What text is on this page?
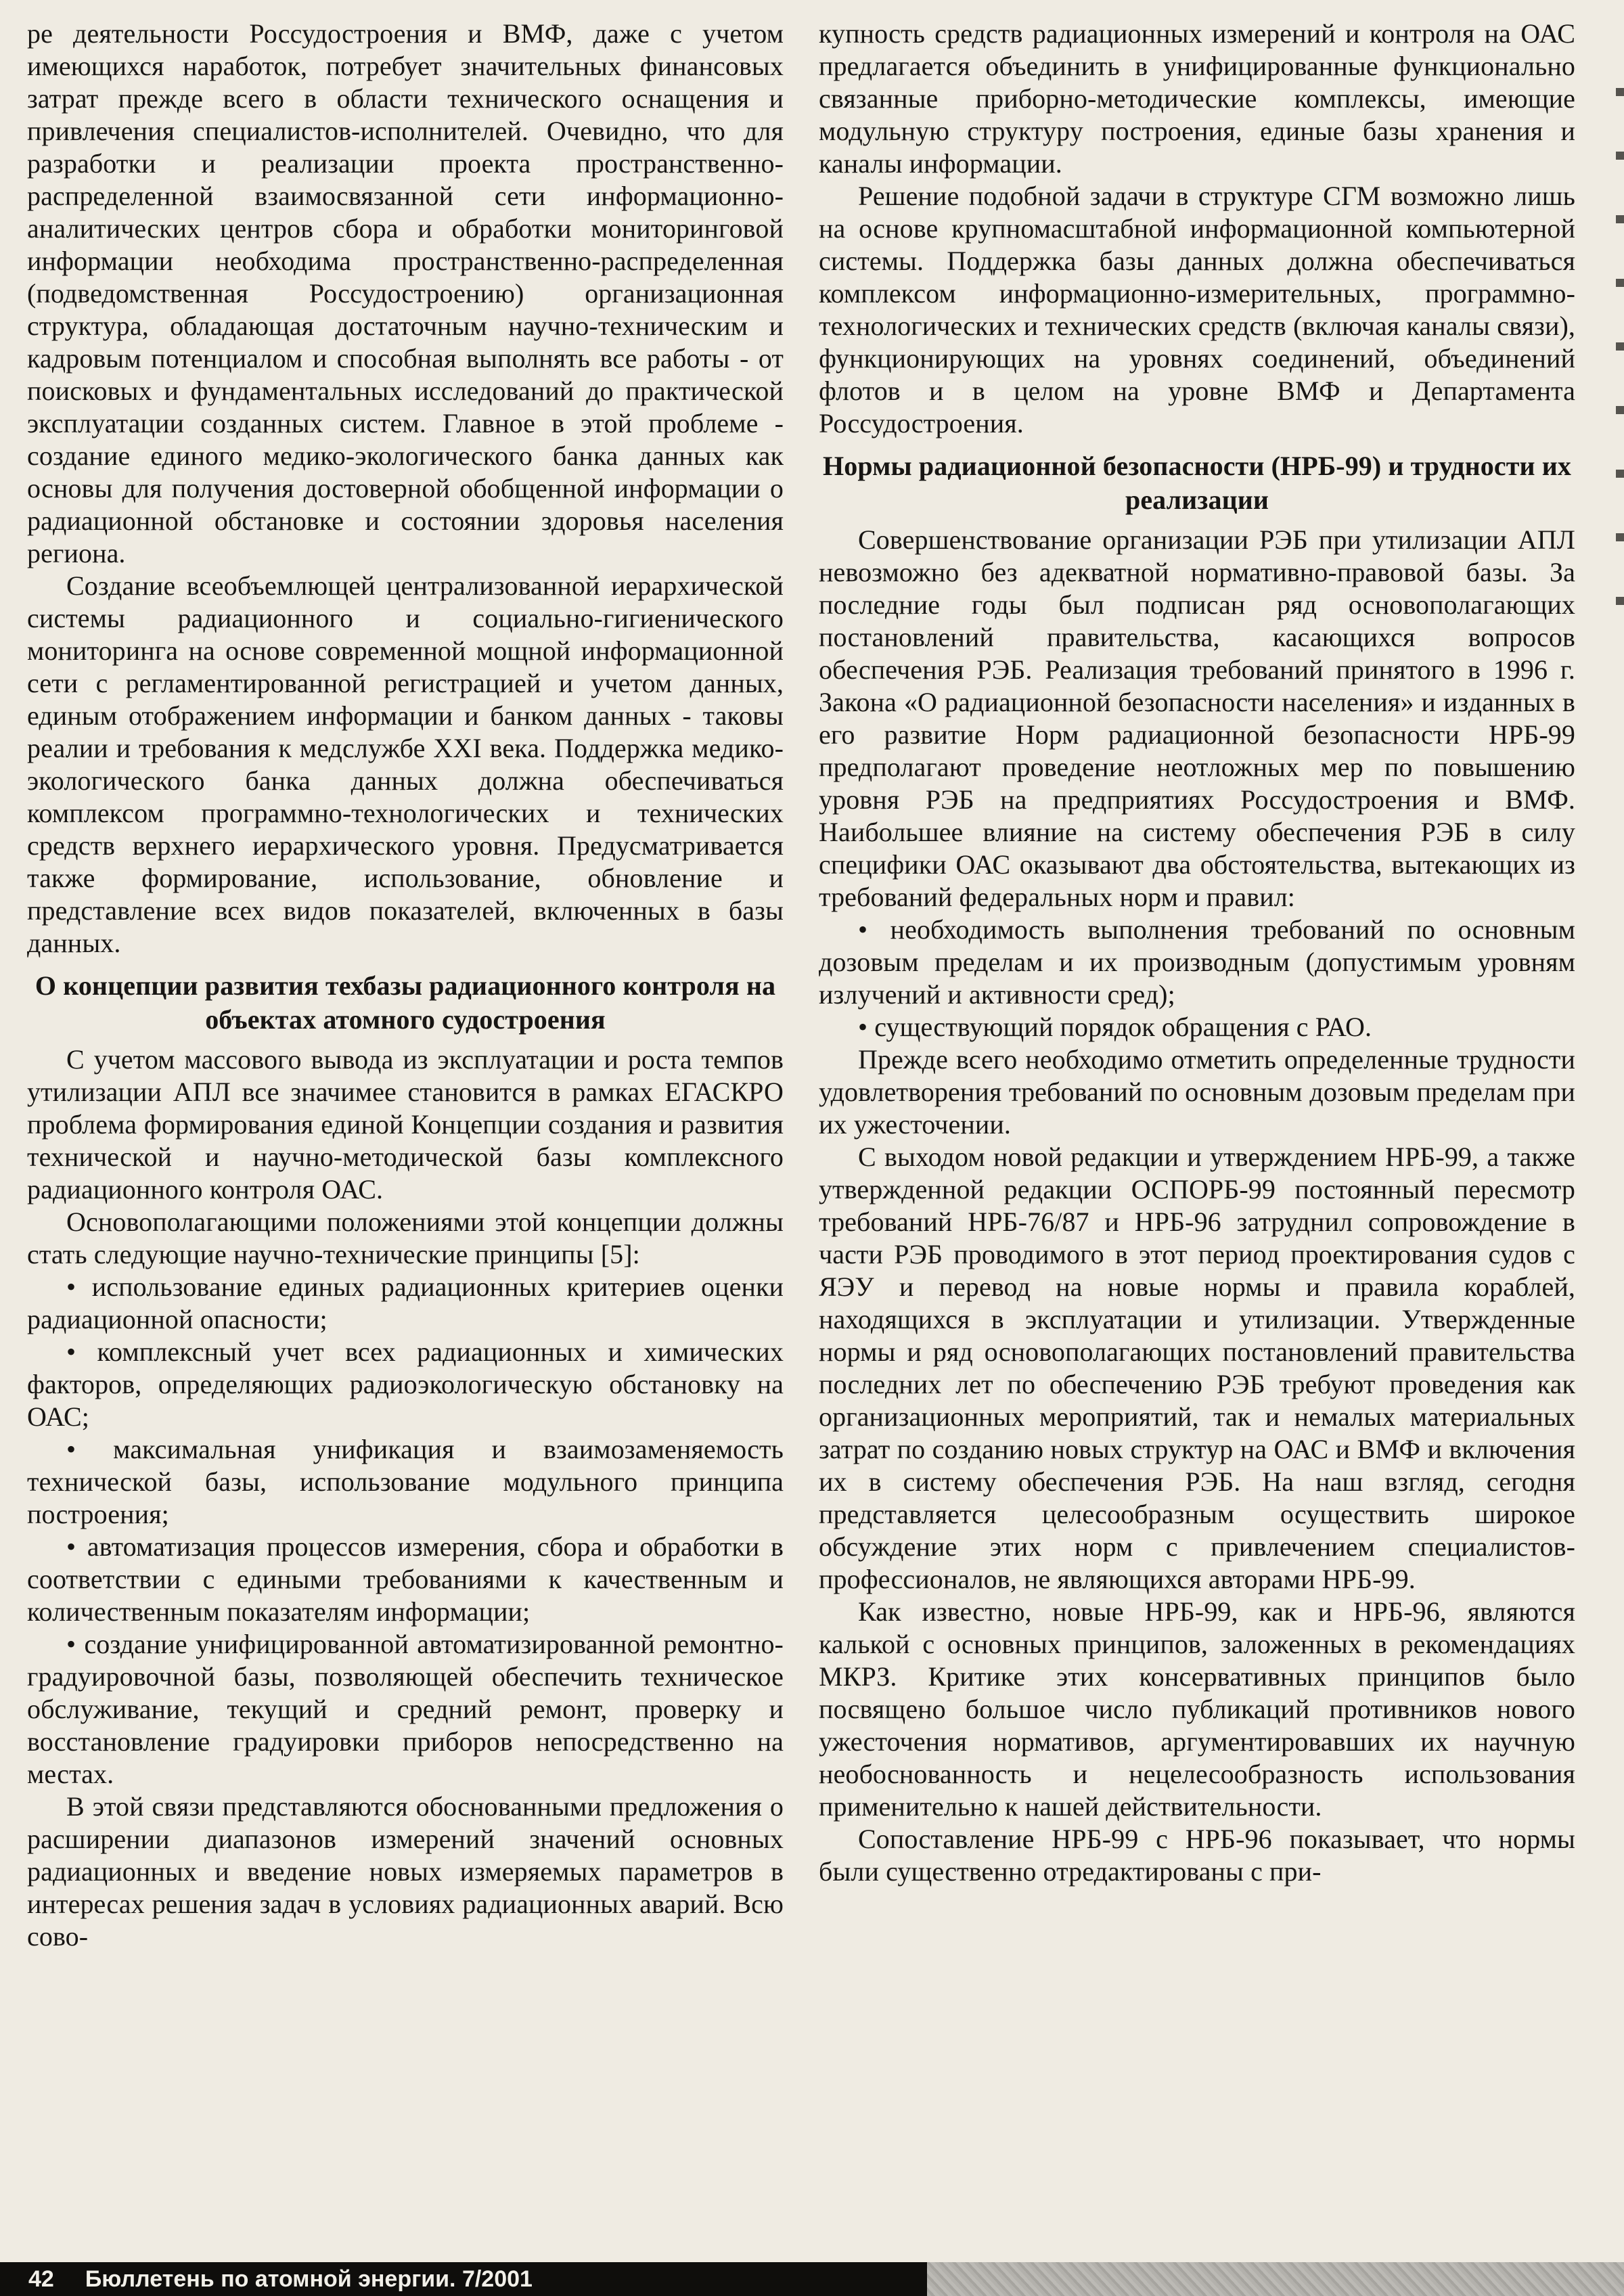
ре деятельности Россудостроения и ВМФ, даже с учетом имеющихся наработок, потребует значительных финансовых затрат прежде всего в области технического оснащения и привлечения специалистов-исполнителей. Очевидно, что для разработки и реализации проекта пространственно-распределенной взаимосвязанной сети информационно-аналитических центров сбора и обработки мониторинговой информации необходима пространственно-распределенная (подведомственная Россудостроению) организационная структура, обладающая достаточным научно-техническим и кадровым потенциалом и способная выполнять все работы - от поисковых и фундаментальных исследований до практической эксплуатации созданных систем. Главное в этой проблеме - создание единого медико-экологического банка данных как основы для получения достоверной обобщенной информации о радиационной обстановке и состоянии здоровья населения региона.

Создание всеобъемлющей централизованной иерархической системы радиационного и социально-гигиенического мониторинга на основе современной мощной информационной сети с регламентированной регистрацией и учетом данных, единым отображением информации и банком данных - таковы реалии и требования к медслужбе XXI века. Поддержка медико-экологического банка данных должна обеспечиваться комплексом программно-технологических и технических средств верхнего иерархического уровня. Предусматривается также формирование, использование, обновление и представление всех видов показателей, включенных в базы данных.

О концепции развития техбазы радиационного контроля на объектах атомного судостроения

С учетом массового вывода из эксплуатации и роста темпов утилизации АПЛ все значимее становится в рамках ЕГАСКРО проблема формирования единой Концепции создания и развития технической и научно-методической базы комплексного радиационного контроля ОАС.

Основополагающими положениями этой концепции должны стать следующие научно-технические принципы [5]:

• использование единых радиационных критериев оценки радиационной опасности;

• комплексный учет всех радиационных и химических факторов, определяющих радиоэкологическую обстановку на ОАС;

• максимальная унификация и взаимозаменяемость технической базы, использование модульного принципа построения;

• автоматизация процессов измерения, сбора и обработки в соответствии с едиными требованиями к качественным и количественным показателям информации;

• создание унифицированной автоматизированной ремонтно-градуировочной базы, позволяющей обеспечить техническое обслуживание, текущий и средний ремонт, проверку и восстановление градуировки приборов непосредственно на местах.

В этой связи представляются обоснованными предложения о расширении диапазонов измерений значений основных радиационных и введение новых измеряемых параметров в интересах решения задач в условиях радиационных аварий. Всю сово-

купность средств радиационных измерений и контроля на ОАС предлагается объединить в унифицированные функционально связанные приборно-методические комплексы, имеющие модульную структуру построения, единые базы хранения и каналы информации.

Решение подобной задачи в структуре СГМ возможно лишь на основе крупномасштабной информационной компьютерной системы. Поддержка базы данных должна обеспечиваться комплексом информационно-измерительных, программно-технологических и технических средств (включая каналы связи), функционирующих на уровнях соединений, объединений флотов и в целом на уровне ВМФ и Департамента Россудостроения.

Нормы радиационной безопасности (НРБ-99) и трудности их реализации

Совершенствование организации РЭБ при утилизации АПЛ невозможно без адекватной нормативно-правовой базы. За последние годы был подписан ряд основополагающих постановлений правительства, касающихся вопросов обеспечения РЭБ. Реализация требований принятого в 1996 г. Закона «О радиационной безопасности населения» и изданных в его развитие Норм радиационной безопасности НРБ-99 предполагают проведение неотложных мер по повышению уровня РЭБ на предприятиях Россудостроения и ВМФ. Наибольшее влияние на систему обеспечения РЭБ в силу специфики ОАС оказывают два обстоятельства, вытекающих из требований федеральных норм и правил:

• необходимость выполнения требований по основным дозовым пределам и их производным (допустимым уровням излучений и активности сред);

• существующий порядок обращения с РАО.

Прежде всего необходимо отметить определенные трудности удовлетворения требований по основным дозовым пределам при их ужесточении.

С выходом новой редакции и утверждением НРБ-99, а также утвержденной редакции ОСПОРБ-99 постоянный пересмотр требований НРБ-76/87 и НРБ-96 затруднил сопровождение в части РЭБ проводимого в этот период проектирования судов с ЯЭУ и перевод на новые нормы и правила кораблей, находящихся в эксплуатации и утилизации. Утвержденные нормы и ряд основополагающих постановлений правительства последних лет по обеспечению РЭБ требуют проведения как организационных мероприятий, так и немалых материальных затрат по созданию новых структур на ОАС и ВМФ и включения их в систему обеспечения РЭБ. На наш взгляд, сегодня представляется целесообразным осуществить широкое обсуждение этих норм с привлечением специалистов-профессионалов, не являющихся авторами НРБ-99.

Как известно, новые НРБ-99, как и НРБ-96, являются калькой с основных принципов, заложенных в рекомендациях МКРЗ. Критике этих консервативных принципов было посвящено большое число публикаций противников нового ужесточения нормативов, аргументировавших их научную необоснованность и нецелесообразность использования применительно к нашей действительности.

Сопоставление НРБ-99 с НРБ-96 показывает, что нормы были существенно отредактированы с при-

42 Бюллетень по атомной энергии. 7/2001
